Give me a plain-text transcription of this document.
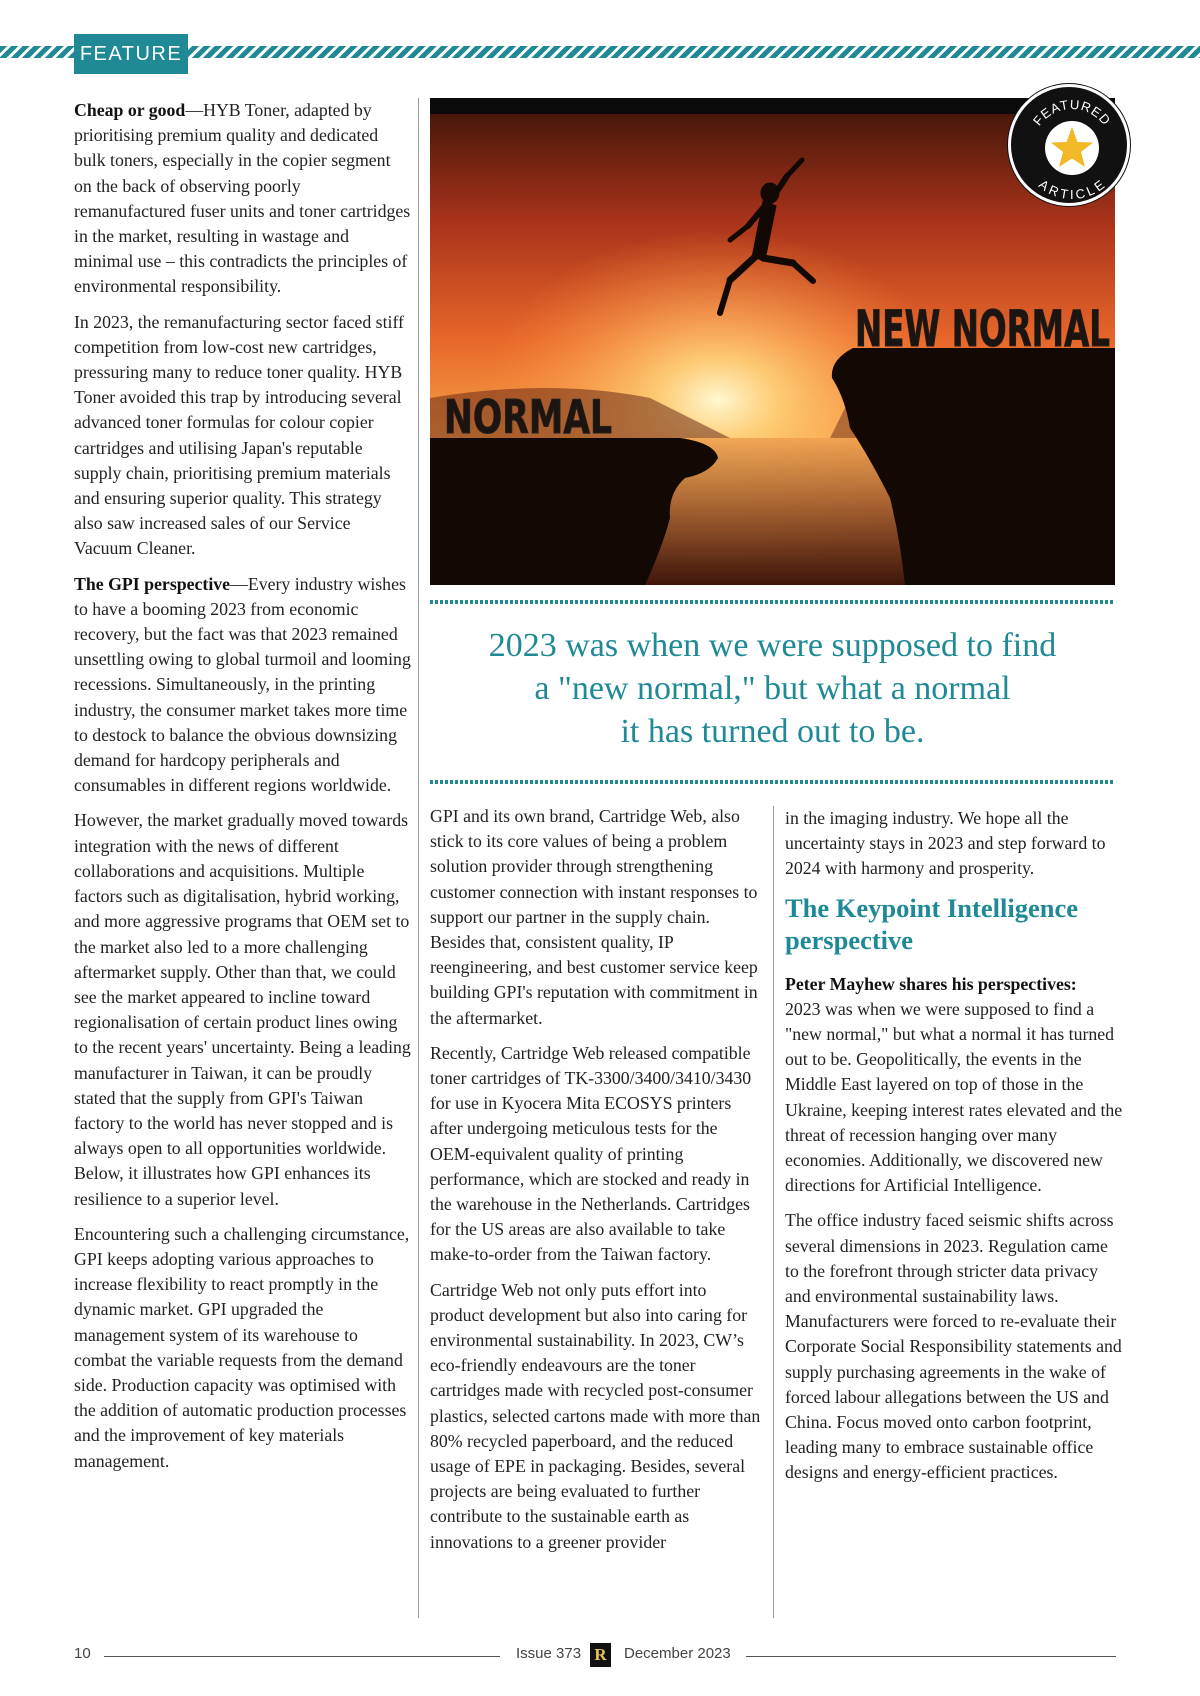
FEATURE

Cheap or good—HYB Toner, adapted by prioritising premium quality and dedicated bulk toners, especially in the copier segment on the back of observing poorly remanufactured fuser units and toner cartridges in the market, resulting in wastage and minimal use – this contradicts the principles of environmental responsibility.

In 2023, the remanufacturing sector faced stiff competition from low-cost new cartridges, pressuring many to reduce toner quality. HYB Toner avoided this trap by introducing several advanced toner formulas for colour copier cartridges and utilising Japan's reputable supply chain, prioritising premium materials and ensuring superior quality. This strategy also saw increased sales of our Service Vacuum Cleaner.

The GPI perspective—Every industry wishes to have a booming 2023 from economic recovery, but the fact was that 2023 remained unsettling owing to global turmoil and looming recessions. Simultaneously, in the printing industry, the consumer market takes more time to destock to balance the obvious downsizing demand for hardcopy peripherals and consumables in different regions worldwide.

However, the market gradually moved towards integration with the news of different collaborations and acquisitions. Multiple factors such as digitalisation, hybrid working, and more aggressive programs that OEM set to the market also led to a more challenging aftermarket supply. Other than that, we could see the market appeared to incline toward regionalisation of certain product lines owing to the recent years' uncertainty. Being a leading manufacturer in Taiwan, it can be proudly stated that the supply from GPI's Taiwan factory to the world has never stopped and is always open to all opportunities worldwide. Below, it illustrates how GPI enhances its resilience to a superior level.

Encountering such a challenging circumstance, GPI keeps adopting various approaches to increase flexibility to react promptly in the dynamic market. GPI upgraded the management system of its warehouse to combat the variable requests from the demand side. Production capacity was optimised with the addition of automatic production processes and the improvement of key materials management.

NORMAL
NEW NORMAL
FEATURED
ARTICLE
2023 was when we were supposed to find
a "new normal," but what a normal
it has turned out to be.

GPI and its own brand, Cartridge Web, also stick to its core values of being a problem solution provider through strengthening customer connection with instant responses to support our partner in the supply chain. Besides that, consistent quality, IP reengineering, and best customer service keep building GPI's reputation with commitment in the aftermarket.

Recently, Cartridge Web released compatible toner cartridges of TK-3300/3400/3410/3430 for use in Kyocera Mita ECOSYS printers after undergoing meticulous tests for the OEM-equivalent quality of printing performance, which are stocked and ready in the warehouse in the Netherlands. Cartridges for the US areas are also available to take make-to-order from the Taiwan factory.

Cartridge Web not only puts effort into product development but also into caring for environmental sustainability. In 2023, CW’s eco-friendly endeavours are the toner cartridges made with recycled post-consumer plastics, selected cartons made with more than 80% recycled paperboard, and the reduced usage of EPE in packaging. Besides, several projects are being evaluated to further contribute to the sustainable earth as innovations to a greener provider

in the imaging industry. We hope all the uncertainty stays in 2023 and step forward to 2024 with harmony and prosperity.

The Keypoint Intelligence perspective

Peter Mayhew shares his perspectives:
2023 was when we were supposed to find a "new normal," but what a normal it has turned out to be. Geopolitically, the events in the Middle East layered on top of those in the Ukraine, keeping interest rates elevated and the threat of recession hanging over many economies. Additionally, we discovered new directions for Artificial Intelligence.

The office industry faced seismic shifts across several dimensions in 2023. Regulation came to the forefront through stricter data privacy and environmental sustainability laws. Manufacturers were forced to re-evaluate their Corporate Social Responsibility statements and supply purchasing agreements in the wake of forced labour allegations between the US and China. Focus moved onto carbon footprint, leading many to embrace sustainable office designs and energy-efficient practices.

10	Issue 373 R December 2023
